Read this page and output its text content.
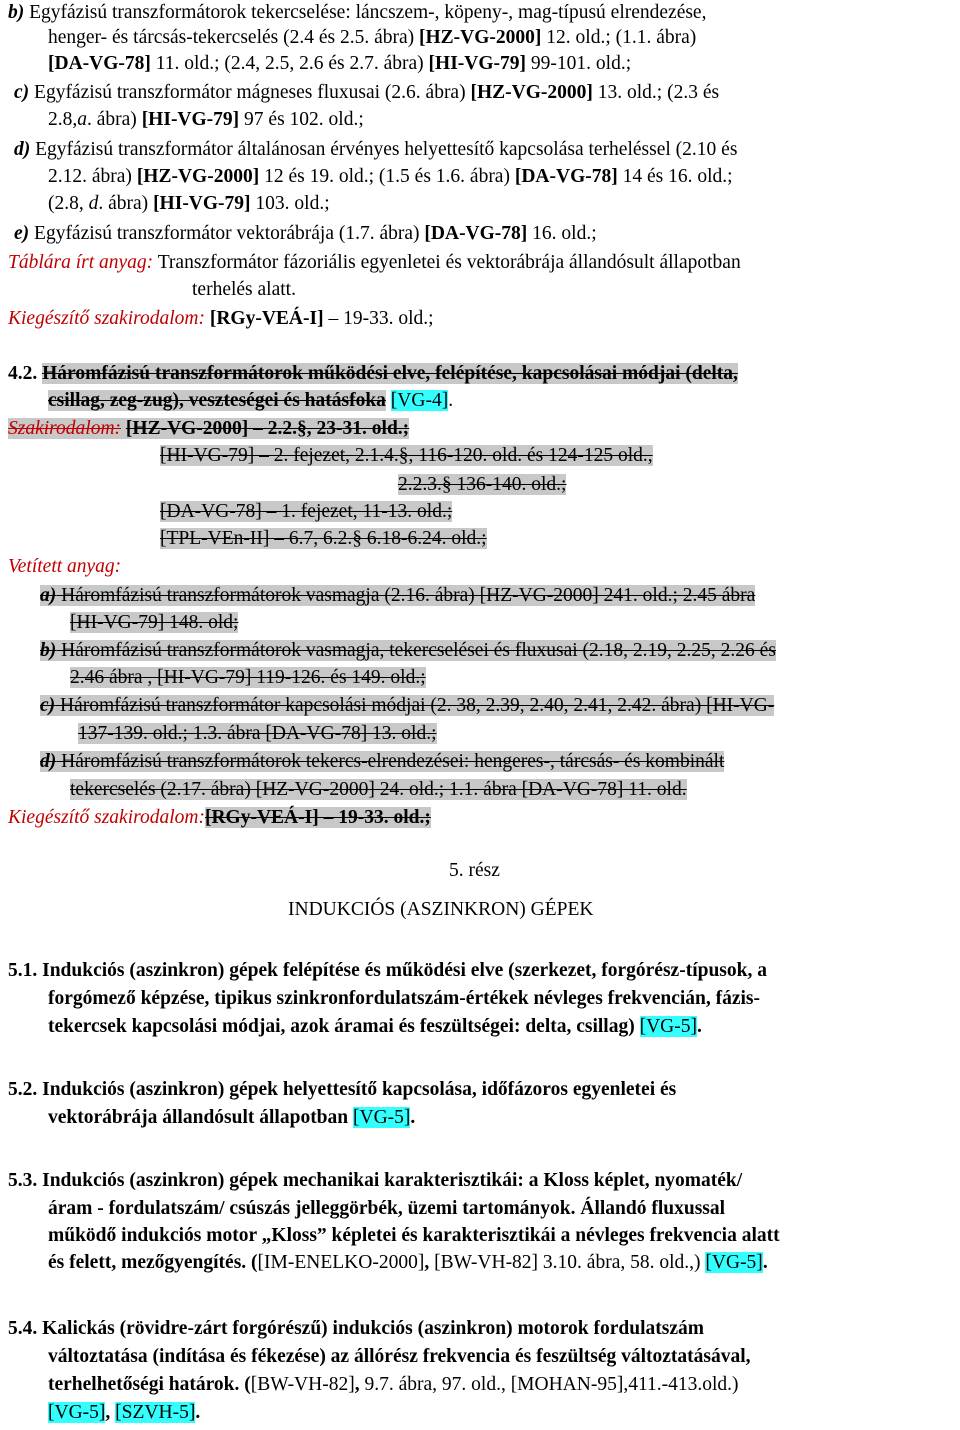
b) Egyfázisú transzformátorok tekercselése: láncszem-, köpeny-, mag-típusú elrendezése,
henger- és tárcsás-tekercselés (2.4 és 2.5. ábra) [HZ-VG-2000] 12. old.; (1.1. ábra)
[DA-VG-78] 11. old.; (2.4, 2.5, 2.6 és 2.7. ábra) [HI-VG-79] 99-101. old.;
c) Egyfázisú transzformátor mágneses fluxusai (2.6. ábra) [HZ-VG-2000] 13. old.; (2.3 és
2.8,a. ábra) [HI-VG-79] 97 és 102. old.;
d) Egyfázisú transzformátor általánosan érvényes helyettesítő kapcsolása terheléssel (2.10 és
2.12. ábra) [HZ-VG-2000] 12 és 19. old.; (1.5 és 1.6. ábra) [DA-VG-78] 14 és 16. old.;
(2.8, d. ábra) [HI-VG-79] 103. old.;
e) Egyfázisú transzformátor vektorábrája (1.7. ábra) [DA-VG-78] 16. old.;
Táblára írt anyag: Transzformátor fázoriális egyenletei és vektorábrája állandósult állapotban
terhelés alatt.
Kiegészítő szakirodalom: [RGy-VEÁ-I] – 19-33. old.;
4.2. Háromfázisú transzformátorok működési elve, felépítése, kapcsolásai módjai (delta,
csillag, zeg-zug), veszteségei és hatásfoka [VG-4].
Szakirodalom: [HZ-VG-2000] – 2.2.§, 23-31. old.;
[HI-VG-79] – 2. fejezet, 2.1.4.§, 116-120. old. és 124-125 old.,
2.2.3.§ 136-140. old.;
[DA-VG-78] – 1. fejezet, 11-13. old.;
[TPL-VEn-II] – 6.7, 6.2.§ 6.18-6.24. old.;
Vetített anyag:
a) Háromfázisú transzformátorok vasmagja (2.16. ábra) [HZ-VG-2000] 241. old.; 2.45 ábra
[HI-VG-79] 148. old;
b) Háromfázisú transzformátorok vasmagja, tekercselései és fluxusai (2.18, 2.19, 2.25, 2.26 és
2.46 ábra , [HI-VG-79] 119-126. és 149. old.;
c) Háromfázisú transzformátor kapcsolási módjai (2. 38, 2.39, 2.40, 2.41, 2.42. ábra) [HI-VG-
137-139. old.; 1.3. ábra [DA-VG-78] 13. old.;
d) Háromfázisú transzformátorok tekercs-elrendezései: hengeres-, tárcsás- és kombinált
tekercselés (2.17. ábra) [HZ-VG-2000] 24. old.; 1.1. ábra [DA-VG-78] 11. old.
Kiegészítő szakirodalom:[RGy-VEÁ-I] – 19-33. old.;
5. rész
INDUKCIÓS (ASZINKRON) GÉPEK
5.1. Indukciós (aszinkron) gépek felépítése és működési elve (szerkezet, forgórész-típusok, a
forgómező képzése, tipikus szinkronfordulatszám-értékek névleges frekvencián, fázis-
tekercsek kapcsolási módjai, azok áramai és feszültségei: delta, csillag) [VG-5].
5.2. Indukciós (aszinkron) gépek helyettesítő kapcsolása, időfázoros egyenletei és
vektorábrája állandósult állapotban [VG-5].
5.3. Indukciós (aszinkron) gépek mechanikai karakterisztikái: a Kloss képlet, nyomaték/
áram - fordulatszám/ csúszás jelleggörbék, üzemi tartományok. Állandó fluxussal
működő indukciós motor „Kloss” képletei és karakterisztikái a névleges frekvencia alatt
és felett, mezőgyengítés. ([IM-ENELKO-2000], [BW-VH-82] 3.10. ábra, 58. old.,) [VG-5].
5.4. Kalickás (rövidre-zárt forgórészű) indukciós (aszinkron) motorok fordulatszám
változtatása (indítása és fékezése) az állórész frekvencia és feszültség változtatásával,
terhelhetőségi határok. ([BW-VH-82], 9.7. ábra, 97. old., [MOHAN-95],411.-413.old.)
[VG-5], [SZVH-5].
